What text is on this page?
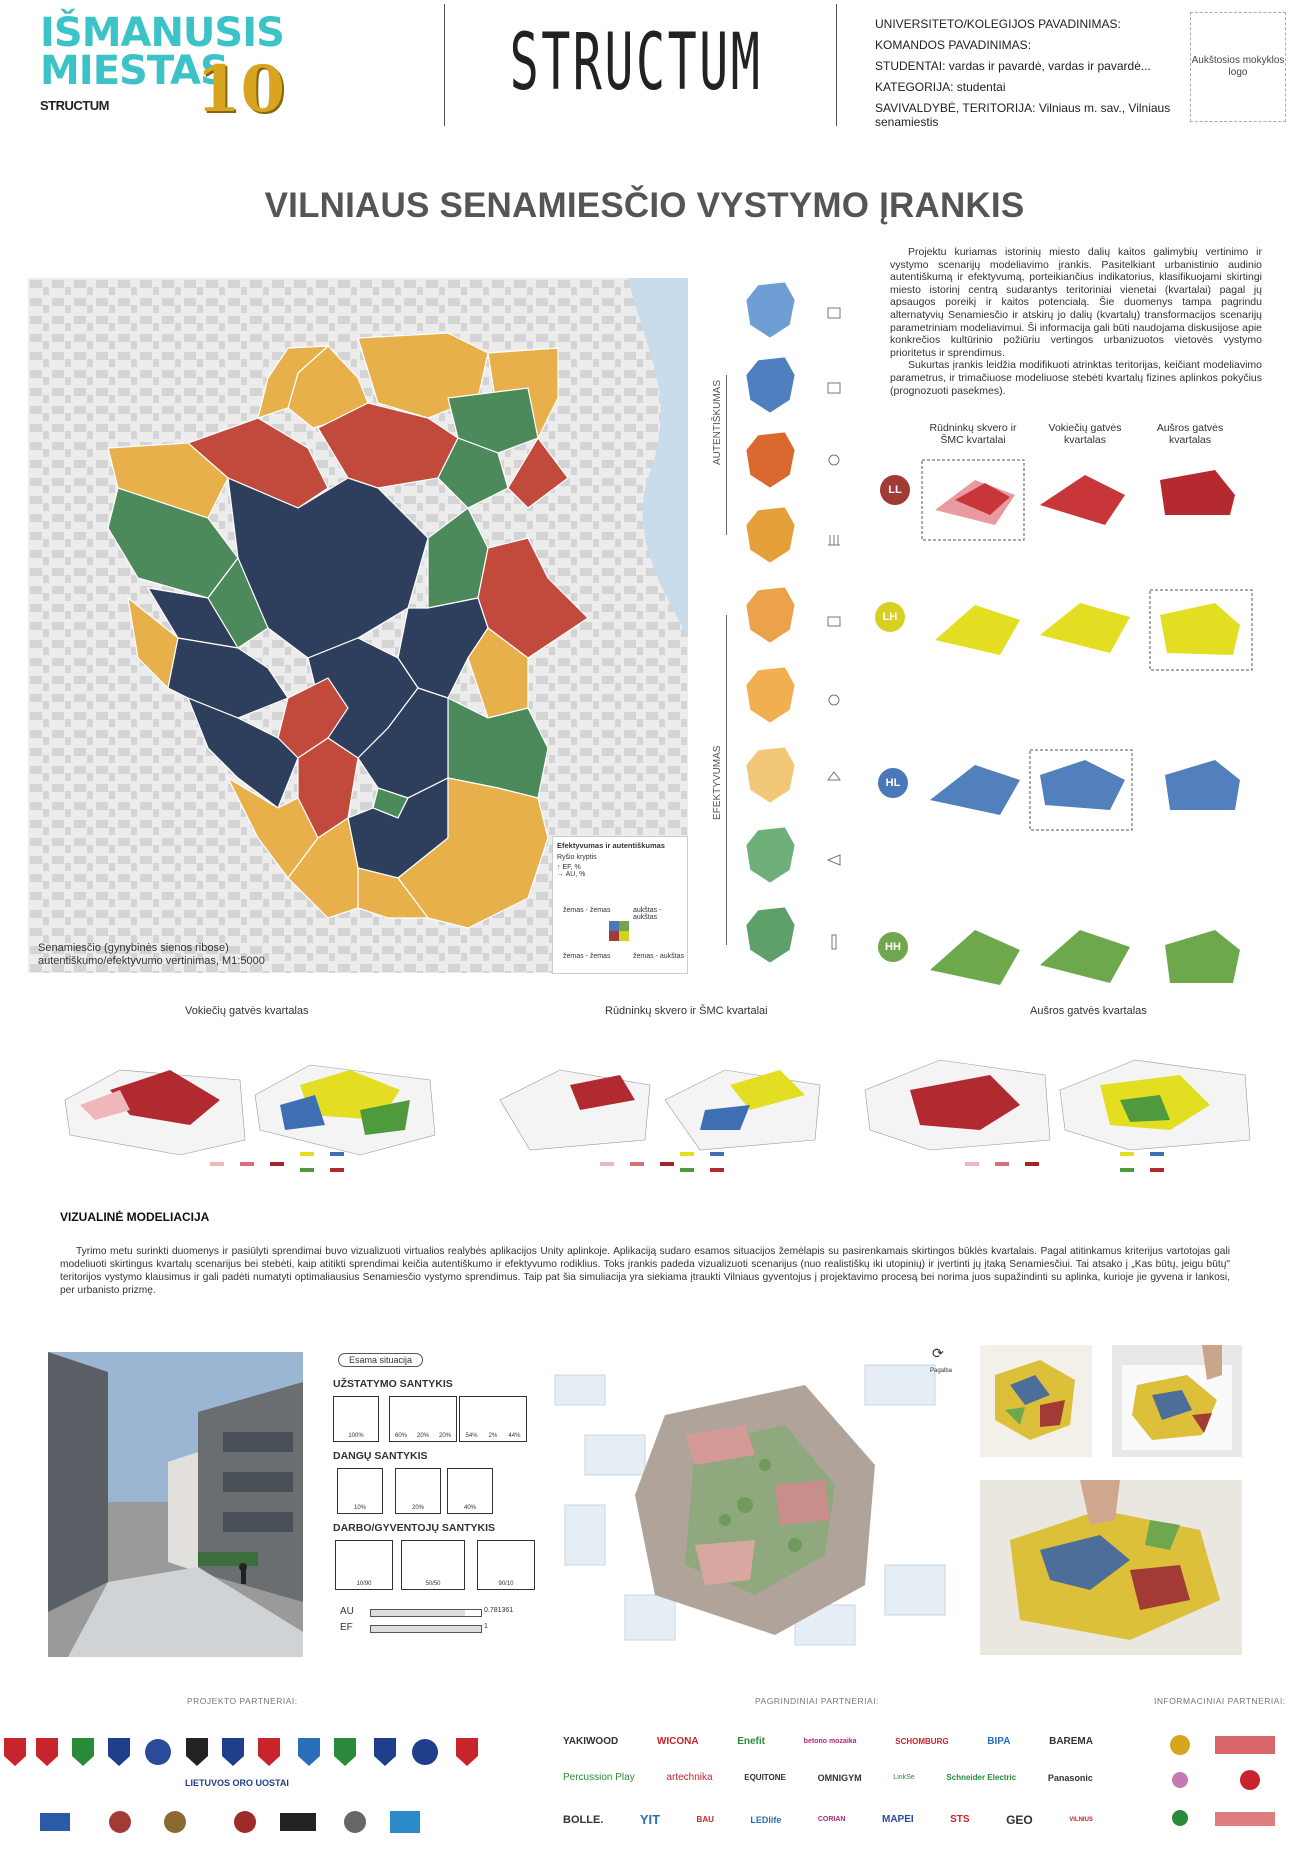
IŠMANUSIS
MIESTAS
10
STRUCTUM	STRUCTUM	UNIVERSITETO/KOLEGIJOS PAVADINIMAS:
KOMANDOS PAVADINIMAS:
STUDENTAI: vardas ir pavardė, vardas ir pavardė...
KATEGORIJA: studentai
SAVIVALDYBĖ, TERITORIJA: Vilniaus m. sav., Vilniaus
senamiestis
Aukštosios mokyklos logo
VILNIAUS SENAMIESČIO VYSTYMO ĮRANKIS
Senamiesčio (gynybinės sienos ribose) autentiškumo/efektyvumo vertinimas, M1:5000
Efektyvumas ir autentiškumas
Ryšio kryptis
↑ EF, %
→ AU, %
žemas - žemas	aukštas - aukštas
žemas - žemas	žemas - aukštas
AUTENTIŠKUMAS
EFEKTYVUMAS
Projektu kuriamas istorinių miesto dalių kaitos galimybių vertinimo ir vystymo scenarijų modeliavimo įrankis. Pasitelkiant urbanistinio audinio autentiškumą ir efektyvumą, porteikiančius indikatorius, klasifikuojami skirtingi miesto istorinį centrą sudarantys teritoriniai vienetai (kvartalai) pagal jų apsaugos poreikį ir kaitos potencialą. Šie duomenys tampa pagrindu alternatyvių Senamiesčio ir atskirų jo dalių (kvartalų) transformacijos scenarijų parametriniam modeliavimui. Ši informacija gali būti naudojama diskusijose apie konkrečios kultūrinio požiūriu vertingos urbanizuotos vietovės vystymo prioritetus ir sprendimus.
Sukurtas įrankis leidžia modifikuoti atrinktas teritorijas, keičiant modeliavimo parametrus, ir trimačiuose modeliuose stebėti kvartalų fizines aplinkos pokyčius (prognozuoti pasekmes).
Rūdninkų skvero ir ŠMC kvartalai
Vokiečių gatvės kvartalas
Aušros gatvės kvartalas
LL
LH
HL
HH
Vokiečių gatvės kvartalas	Rūdninkų skvero ir ŠMC kvartalai	Aušros gatvės kvartalas
VIZUALINĖ MODELIACIJA
Tyrimo metu surinkti duomenys ir pasiūlyti sprendimai buvo vizualizuoti virtualios realybės aplikacijos Unity aplinkoje. Aplikaciją sudaro esamos situacijos žemėlapis su pasirenkamais skirtingos būklės kvartalais. Pagal atitinkamus kriterijus vartotojas gali modeliuoti skirtingus kvartalų scenarijus bei stebėti, kaip atitikti sprendimai keičia autentiškumo ir efektyvumo rodiklius. Toks įrankis padeda vizualizuoti scenarijus (nuo realistiškų iki utopinių) ir įvertinti jų įtaką Senamiesčiui. Tai atsako į „Kas būtų, jeigu būtų" teritorijos vystymo klausimus ir gali padėti numatyti optimaliausius Senamiesčio vystymo sprendimus. Taip pat šia simuliacija yra siekiama įtraukti Vilniaus gyventojus į projektavimo procesą bei norima juos supažindinti su aplinka, kurioje jie gyvena ir lankosi, per urbanisto prizmę.
Esama situacija
UŽSTATYMO SANTYKIS
100%	60% 20% 20% 54% 2% 44%
DANGŲ SANTYKIS
10%	20%	40%
DARBO/GYVENTOJŲ SANTYKIS
10/90	50/50	90/10
AU	0.781361
EF	1
⟳
Pagalba
PROJEKTO PARTNERIAI:	PAGRINDINIAI PARTNERIAI:	INFORMACINIAI PARTNERIAI:
LIETUVOS ORO UOSTAI
YAKIWOOD	WICONA	Enefit	betono mozaika	SCHOMBURG	BIPA	BAREMA
Percussion Play	artechnika	EQUITONE	OMNIGYM	LinkSe	Schneider Electric	Panasonic
BOLLE.	YIT	BAU	LEDlife	CORIAN	MAPEI	STS	GEO	VILNIUS
